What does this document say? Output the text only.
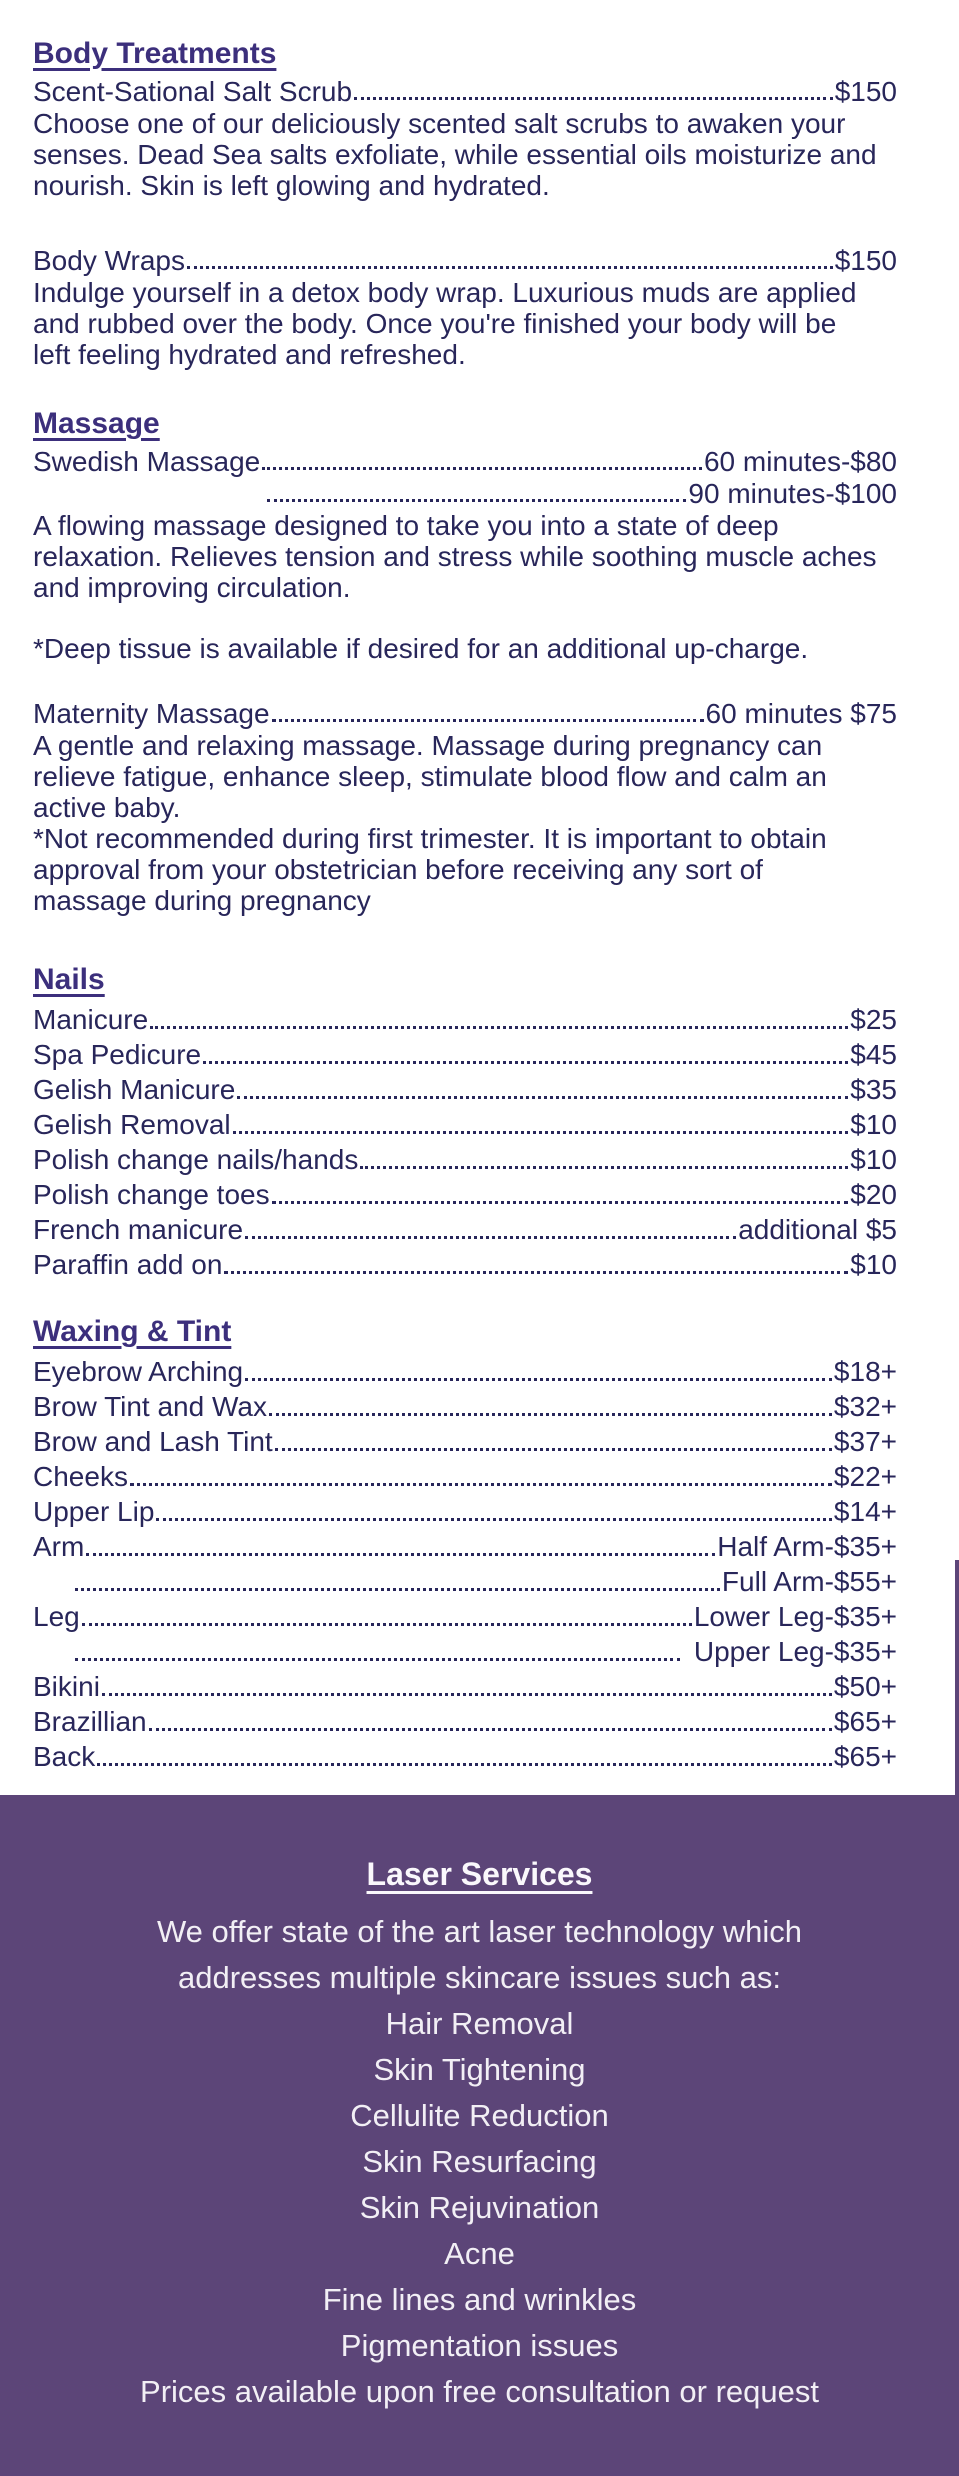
Body Treatments
Scent-Sational Salt Scrub	$150
Choose one of our deliciously scented salt scrubs to awaken your
senses. Dead Sea salts exfoliate, while essential oils moisturize and
nourish. Skin is left glowing and hydrated.
Body Wraps	$150
Indulge yourself in a detox body wrap. Luxurious muds are applied
and rubbed over the body. Once you're finished your body will be
left feeling hydrated and refreshed.
Massage
Swedish Massage	60 minutes-$80
90 minutes-$100
A flowing massage designed to take you into a state of deep
relaxation. Relieves tension and stress while soothing muscle aches
and improving circulation.
*Deep tissue is available if desired for an additional up-charge.
Maternity Massage	60 minutes $75
A gentle and relaxing massage. Massage during pregnancy can
relieve fatigue, enhance sleep, stimulate blood flow and calm an
active baby.
*Not recommended during first trimester. It is important to obtain
approval from your obstetrician before receiving any sort of
massage during pregnancy
Nails
Manicure	$25
Spa Pedicure	$45
Gelish Manicure	$35
Gelish Removal	$10
Polish change nails/hands	$10
Polish change toes	$20
French manicure	additional $5
Paraffin add on	$10
Waxing & Tint
Eyebrow Arching	$18+
Brow Tint and Wax	$32+
Brow and Lash Tint	$37+
Cheeks	$22+
Upper Lip	$14+
Arm	Half Arm-$35+
Full Arm-$55+
Leg	Lower Leg-$35+
Upper Leg-$35+
Bikini	$50+
Brazillian	$65+
Back	$65+
Laser Services
We offer state of the art laser technology which
addresses multiple skincare issues such as:
Hair Removal
Skin Tightening
Cellulite Reduction
Skin Resurfacing
Skin Rejuvination
Acne
Fine lines and wrinkles
Pigmentation issues
Prices available upon free consultation or request
